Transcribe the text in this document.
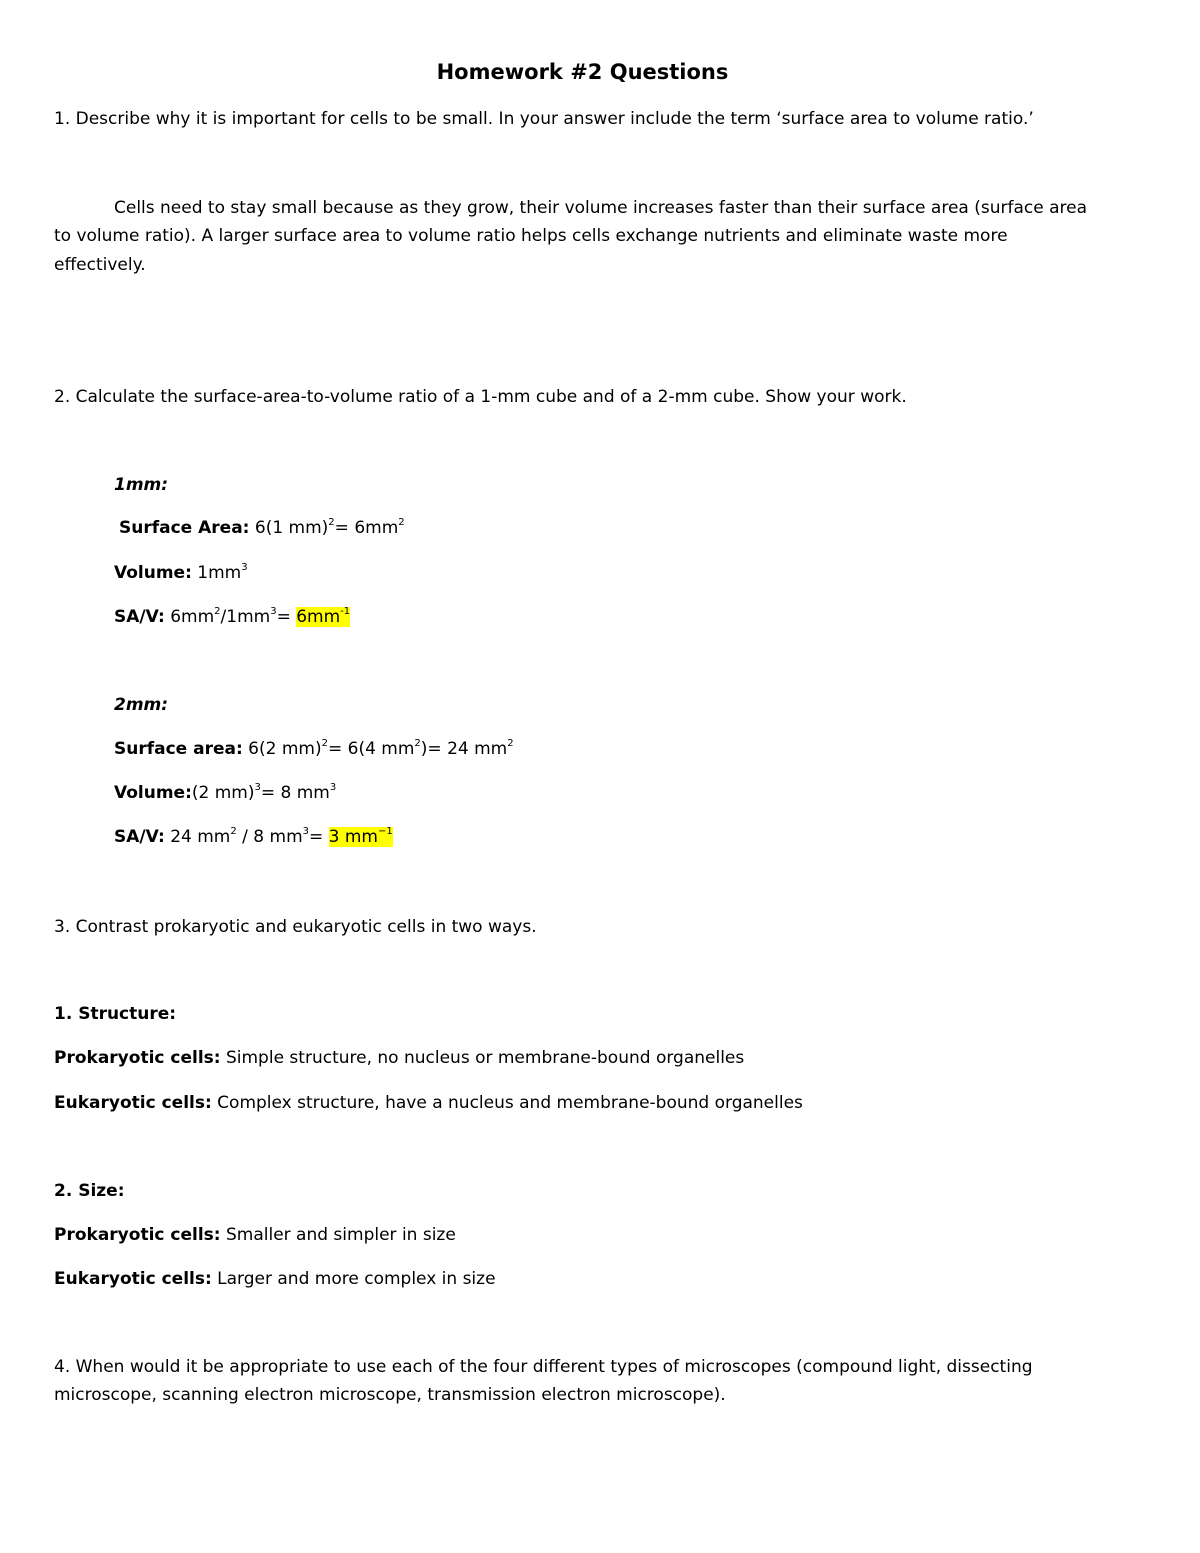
Homework #2 Questions
1. Describe why it is important for cells to be small. In your answer include the term ‘surface area to volume ratio.’
Cells need to stay small because as they grow, their volume increases faster than their surface area (surface area
to volume ratio). A larger surface area to volume ratio helps cells exchange nutrients and eliminate waste more
effectively.
2. Calculate the surface-area-to-volume ratio of a 1-mm cube and of a 2-mm cube. Show your work.
1mm:
Surface Area: 6(1 $mm)^2= 6mm^2$
Volume: $1mm^3$
SA/V: $6mm^2/1mm^3= 6mm^{-1}$
2mm:
Surface area: 6(2 mm)$^2$= 6(4 $mm^2)= 24$ $mm^2$
Volume:(2 mm)$^3$= 8 $mm^3$
SA/V: 24 $mm^2 / 8$ $mm^3= 3$ $mm^{-1}$
3. Contrast prokaryotic and eukaryotic cells in two ways.
1. Structure:
Prokaryotic cells: Simple structure, no nucleus or membrane-bound organelles
Eukaryotic cells: Complex structure, have a nucleus and membrane-bound organelles
2. Size:
Prokaryotic cells: Smaller and simpler in size
Eukaryotic cells: Larger and more complex in size
4. When would it be appropriate to use each of the four different types of microscopes (compound light, dissecting
microscope, scanning electron microscope, transmission electron microscope).
